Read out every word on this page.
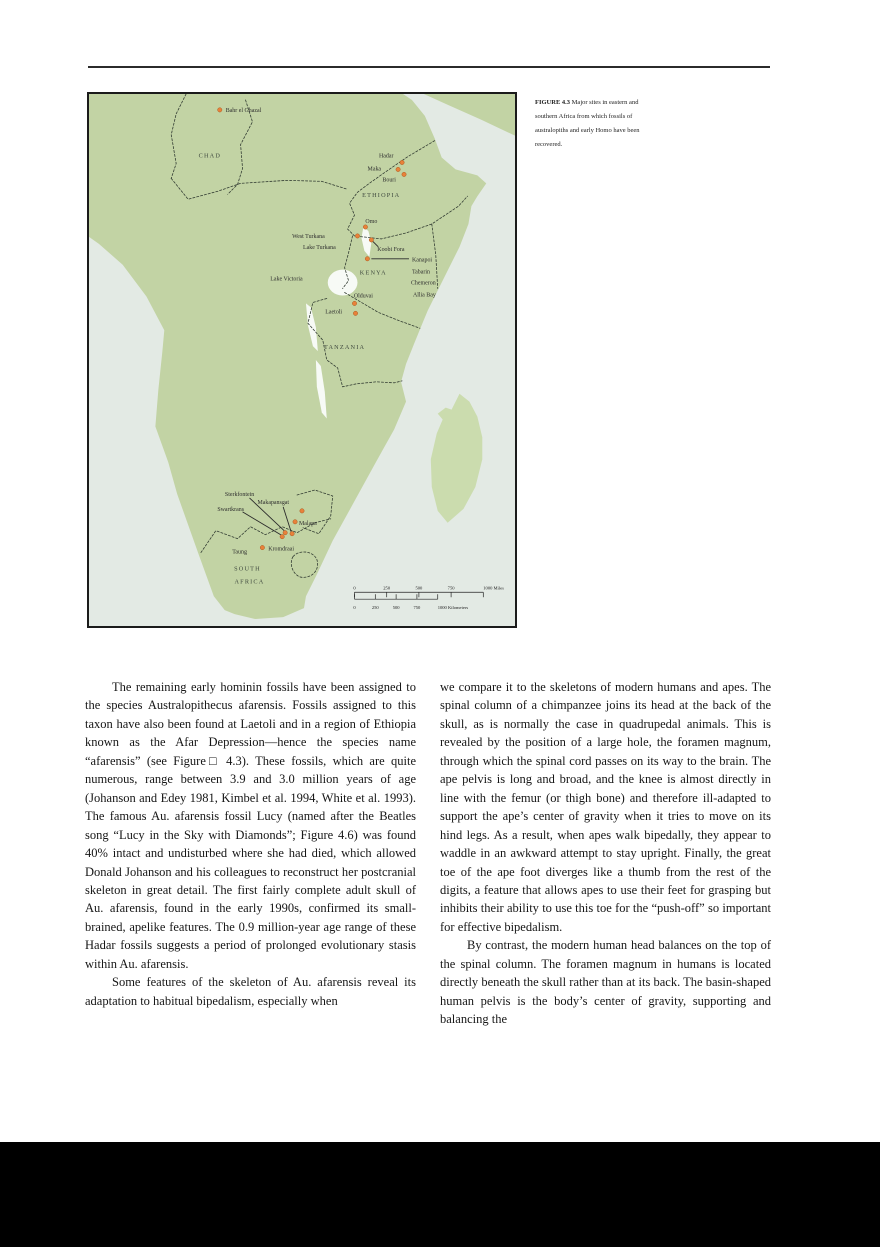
CHAD
ETHIOPIA
KENYA
TANZANIA
SOUTH
AFRICA
Bahr el Ghazal
Hadar
Maka
Bouri
Omo
West Turkana
Lake Turkana	Koobi Fora
Kanapoi
Tabarin
Chemeron
Allia Bay
Lake Victoria
Olduvai
Laetoli
Sterkfontein
Swartkrans
Makapansgat
Malapa
Kromdraai
Taung
0	250	500	750	1000 Miles
0	250	500	750	1000 Kilometers
FIGURE 4.3 Major sites in eastern and southern Africa from which fossils of australopiths and early Homo have been recovered.

The remaining early hominin fossils have been assigned to the species Australopithecus afarensis. Fossils assigned to this taxon have also been found at Laetoli and in a region of Ethiopia known as the Afar Depression—hence the species name “afarensis” (see Figure□ 4.3). These fossils, which are quite numerous, range between 3.9 and 3.0 million years of age (Johanson and Edey 1981, Kimbel et al. 1994, White et al. 1993). The famous Au. afarensis fossil Lucy (named after the Beatles song “Lucy in the Sky with Diamonds”; Figure 4.6) was found 40% intact and undisturbed where she had died, which allowed Donald Johanson and his colleagues to reconstruct her postcranial skeleton in great detail. The first fairly complete adult skull of Au. afarensis, found in the early 1990s, confirmed its small-brained, apelike features. The 0.9 million-year age range of these Hadar fossils suggests a period of prolonged evolutionary stasis within Au. afarensis.

Some features of the skeleton of Au. afarensis reveal its adaptation to habitual bipedalism, especially when

we compare it to the skeletons of modern humans and apes. The spinal column of a chimpanzee joins its head at the back of the skull, as is normally the case in quadrupedal animals. This is revealed by the position of a large hole, the foramen magnum, through which the spinal cord passes on its way to the brain. The ape pelvis is long and broad, and the knee is almost directly in line with the femur (or thigh bone) and therefore ill-adapted to support the ape’s center of gravity when it tries to move on its hind legs. As a result, when apes walk bipedally, they appear to waddle in an awkward attempt to stay upright. Finally, the great toe of the ape foot diverges like a thumb from the rest of the digits, a feature that allows apes to use their feet for grasping but inhibits their ability to use this toe for the “push-off” so important for effective bipedalism.

By contrast, the modern human head balances on the top of the spinal column. The foramen magnum in humans is located directly beneath the skull rather than at its back. The basin-shaped human pelvis is the body’s center of gravity, supporting and balancing the
